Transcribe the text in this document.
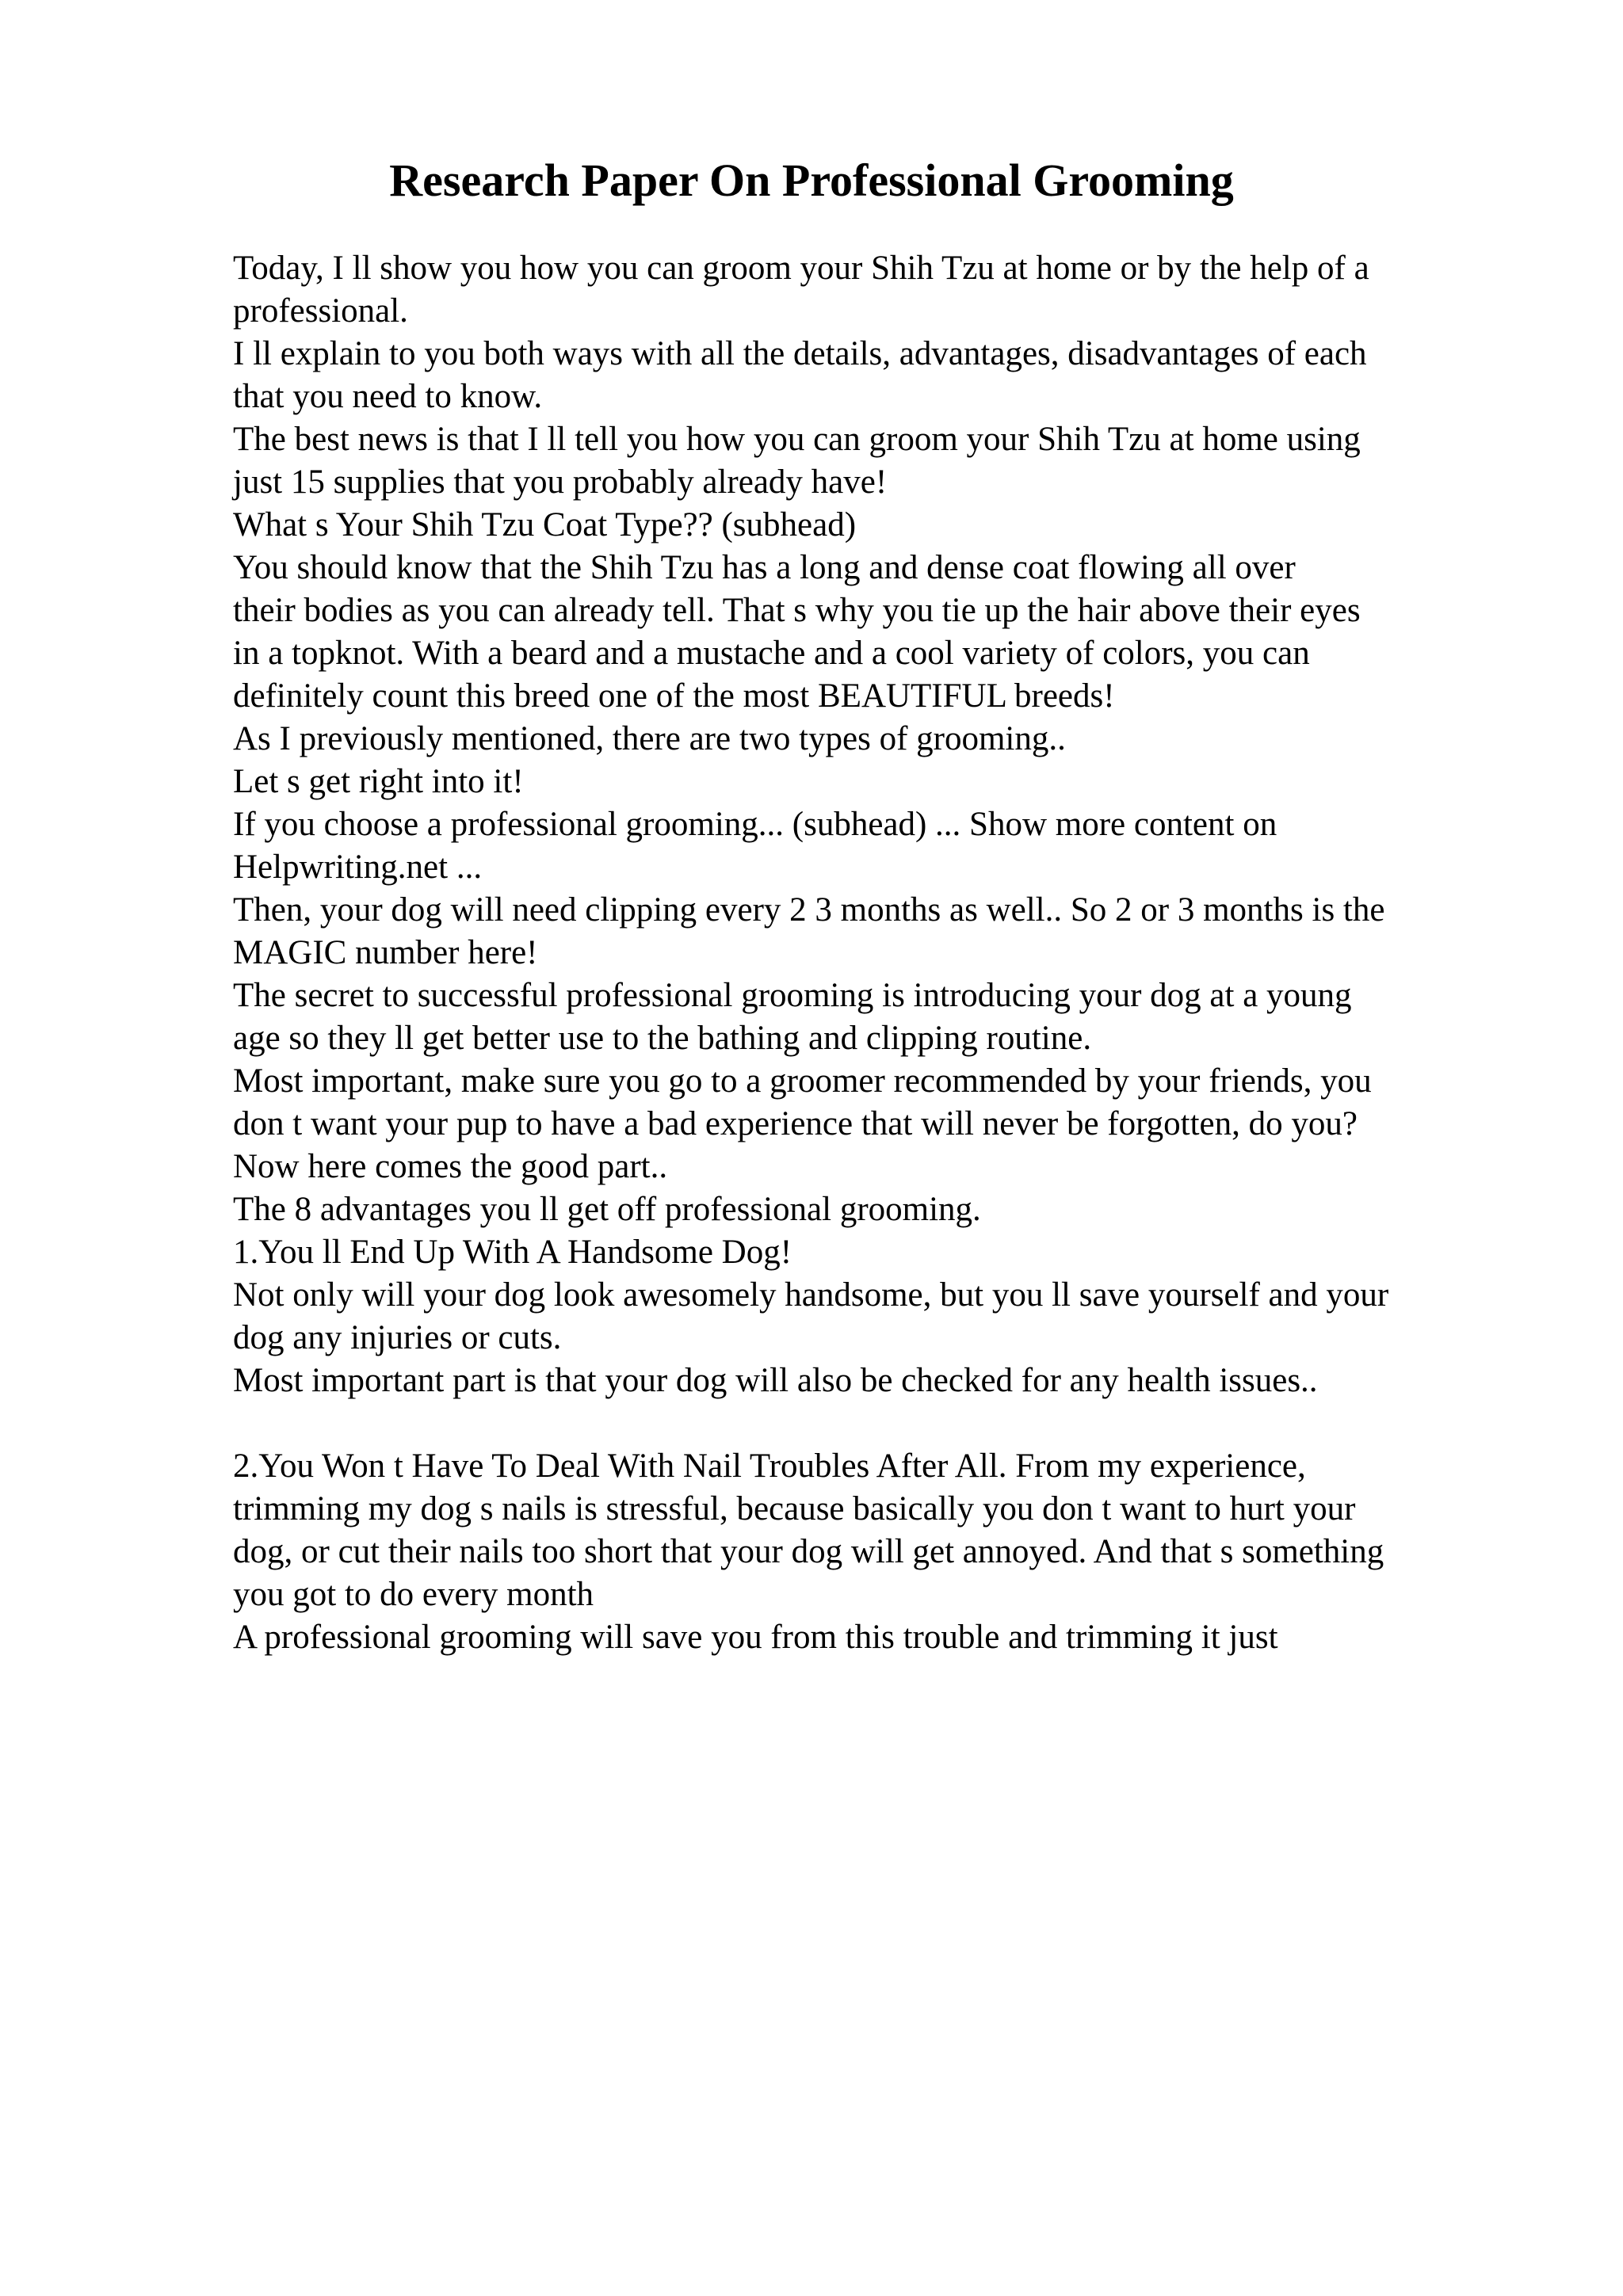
Research Paper On Professional Grooming
Today, I ll show you how you can groom your Shih Tzu at home or by the help of a
professional.
I ll explain to you both ways with all the details, advantages, disadvantages of each
that you need to know.
The best news is that I ll tell you how you can groom your Shih Tzu at home using
just 15 supplies that you probably already have!
What s Your Shih Tzu Coat Type?? (subhead)
You should know that the Shih Tzu has a long and dense coat flowing all over
their bodies as you can already tell. That s why you tie up the hair above their eyes
in a topknot. With a beard and a mustache and a cool variety of colors, you can
definitely count this breed one of the most BEAUTIFUL breeds!
As I previously mentioned, there are two types of grooming..
Let s get right into it!
If you choose a professional grooming... (subhead) ... Show more content on
Helpwriting.net ...
Then, your dog will need clipping every 2 3 months as well.. So 2 or 3 months is the
MAGIC number here!
The secret to successful professional grooming is introducing your dog at a young
age so they ll get better use to the bathing and clipping routine.
Most important, make sure you go to a groomer recommended by your friends, you
don t want your pup to have a bad experience that will never be forgotten, do you?
Now here comes the good part..
The 8 advantages you ll get off professional grooming.
1.You ll End Up With A Handsome Dog!
Not only will your dog look awesomely handsome, but you ll save yourself and your
dog any injuries or cuts.
Most important part is that your dog will also be checked for any health issues..
2.You Won t Have To Deal With Nail Troubles After All. From my experience,
trimming my dog s nails is stressful, because basically you don t want to hurt your
dog, or cut their nails too short that your dog will get annoyed. And that s something
you got to do every month
A professional grooming will save you from this trouble and trimming it just
